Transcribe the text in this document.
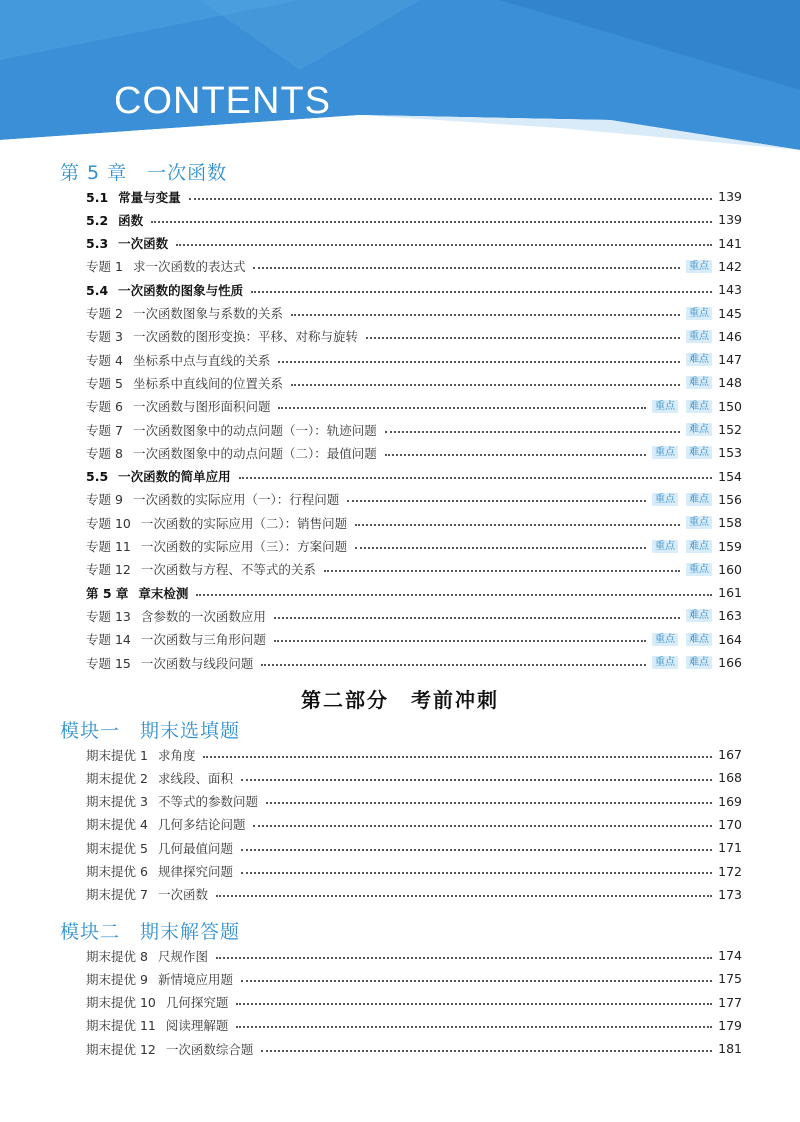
CONTENTS
第 5 章　一次函数
5.1 常量与变量	139
5.2 函数	139
5.3 一次函数	141
专题 1 求一次函数的表达式	重点 142
5.4 一次函数的图象与性质	143
专题 2 一次函数图象与系数的关系	重点 145
专题 3 一次函数的图形变换：平移、对称与旋转	重点 146
专题 4 坐标系中点与直线的关系	难点 147
专题 5 坐标系中直线间的位置关系	难点 148
专题 6 一次函数与图形面积问题	重点	难点 150
专题 7 一次函数图象中的动点问题（一）：轨迹问题	难点 152
专题 8 一次函数图象中的动点问题（二）：最值问题	重点	难点 153
5.5 一次函数的简单应用	154
专题 9 一次函数的实际应用（一）：行程问题	重点	难点 156
专题 10 一次函数的实际应用（二）：销售问题	重点 158
专题 11 一次函数的实际应用（三）：方案问题	重点	难点 159
专题 12 一次函数与方程、不等式的关系	重点 160
第 5 章 章末检测	161
专题 13 含参数的一次函数应用	难点 163
专题 14 一次函数与三角形问题	重点	难点 164
专题 15 一次函数与线段问题	重点	难点 166
第二部分　考前冲刺
模块一　期末选填题
期末提优 1 求角度	167
期末提优 2 求线段、面积	168
期末提优 3 不等式的参数问题	169
期末提优 4 几何多结论问题	170
期末提优 5 几何最值问题	171
期末提优 6 规律探究问题	172
期末提优 7 一次函数	173
模块二　期末解答题
期末提优 8 尺规作图	174
期末提优 9 新情境应用题	175
期末提优 10 几何探究题	177
期末提优 11 阅读理解题	179
期末提优 12 一次函数综合题	181
